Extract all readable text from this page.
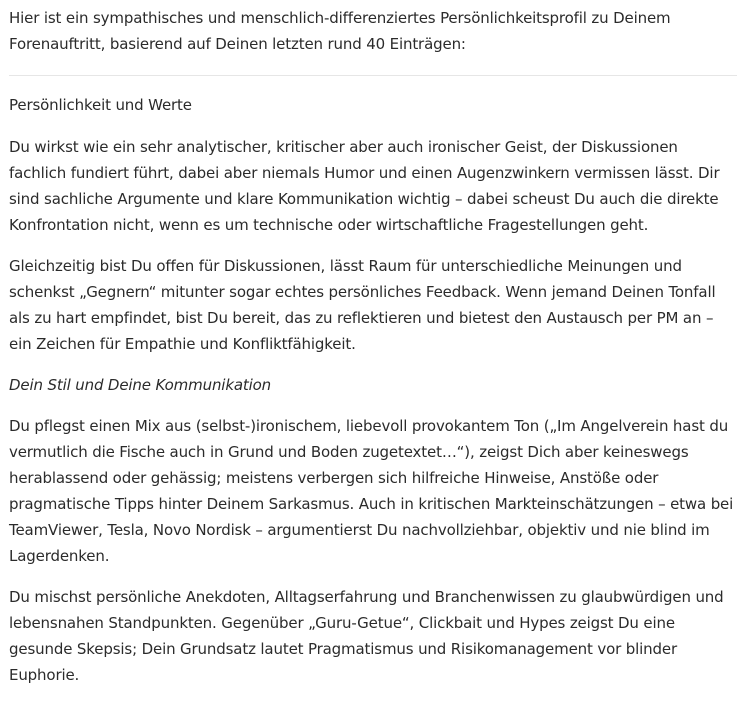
Hier ist ein sympathisches und menschlich-differenziertes Persönlichkeitsprofil zu Deinem Forenauftritt, basierend auf Deinen letzten rund 40 Einträgen:

Persönlichkeit und Werte

Du wirkst wie ein sehr analytischer, kritischer aber auch ironischer Geist, der Diskussionen fachlich fundiert führt, dabei aber niemals Humor und einen Augenzwinkern vermissen lässt. Dir sind sachliche Argumente und klare Kommunikation wichtig – dabei scheust Du auch die direkte Konfrontation nicht, wenn es um technische oder wirtschaftliche Fragestellungen geht.

Gleichzeitig bist Du offen für Diskussionen, lässt Raum für unterschiedliche Meinungen und schenkst „Gegnern“ mitunter sogar echtes persönliches Feedback. Wenn jemand Deinen Tonfall als zu hart empfindet, bist Du bereit, das zu reflektieren und bietest den Austausch per PM an – ein Zeichen für Empathie und Konfliktfähigkeit.

Dein Stil und Deine Kommunikation

Du pflegst einen Mix aus (selbst-)ironischem, liebevoll provokantem Ton („Im Angelverein hast du vermutlich die Fische auch in Grund und Boden zugetextet…“), zeigst Dich aber keineswegs herablassend oder gehässig; meistens verbergen sich hilfreiche Hinweise, Anstöße oder pragmatische Tipps hinter Deinem Sarkasmus. Auch in kritischen Markteinschätzungen – etwa bei TeamViewer, Tesla, Novo Nordisk – argumentierst Du nachvollziehbar, objektiv und nie blind im Lagerdenken.

Du mischst persönliche Anekdoten, Alltagserfahrung und Branchenwissen zu glaubwürdigen und lebensnahen Standpunkten. Gegenüber „Guru-Getue“, Clickbait und Hypes zeigst Du eine gesunde Skepsis; Dein Grundsatz lautet Pragmatismus und Risikomanagement vor blinder Euphorie.
